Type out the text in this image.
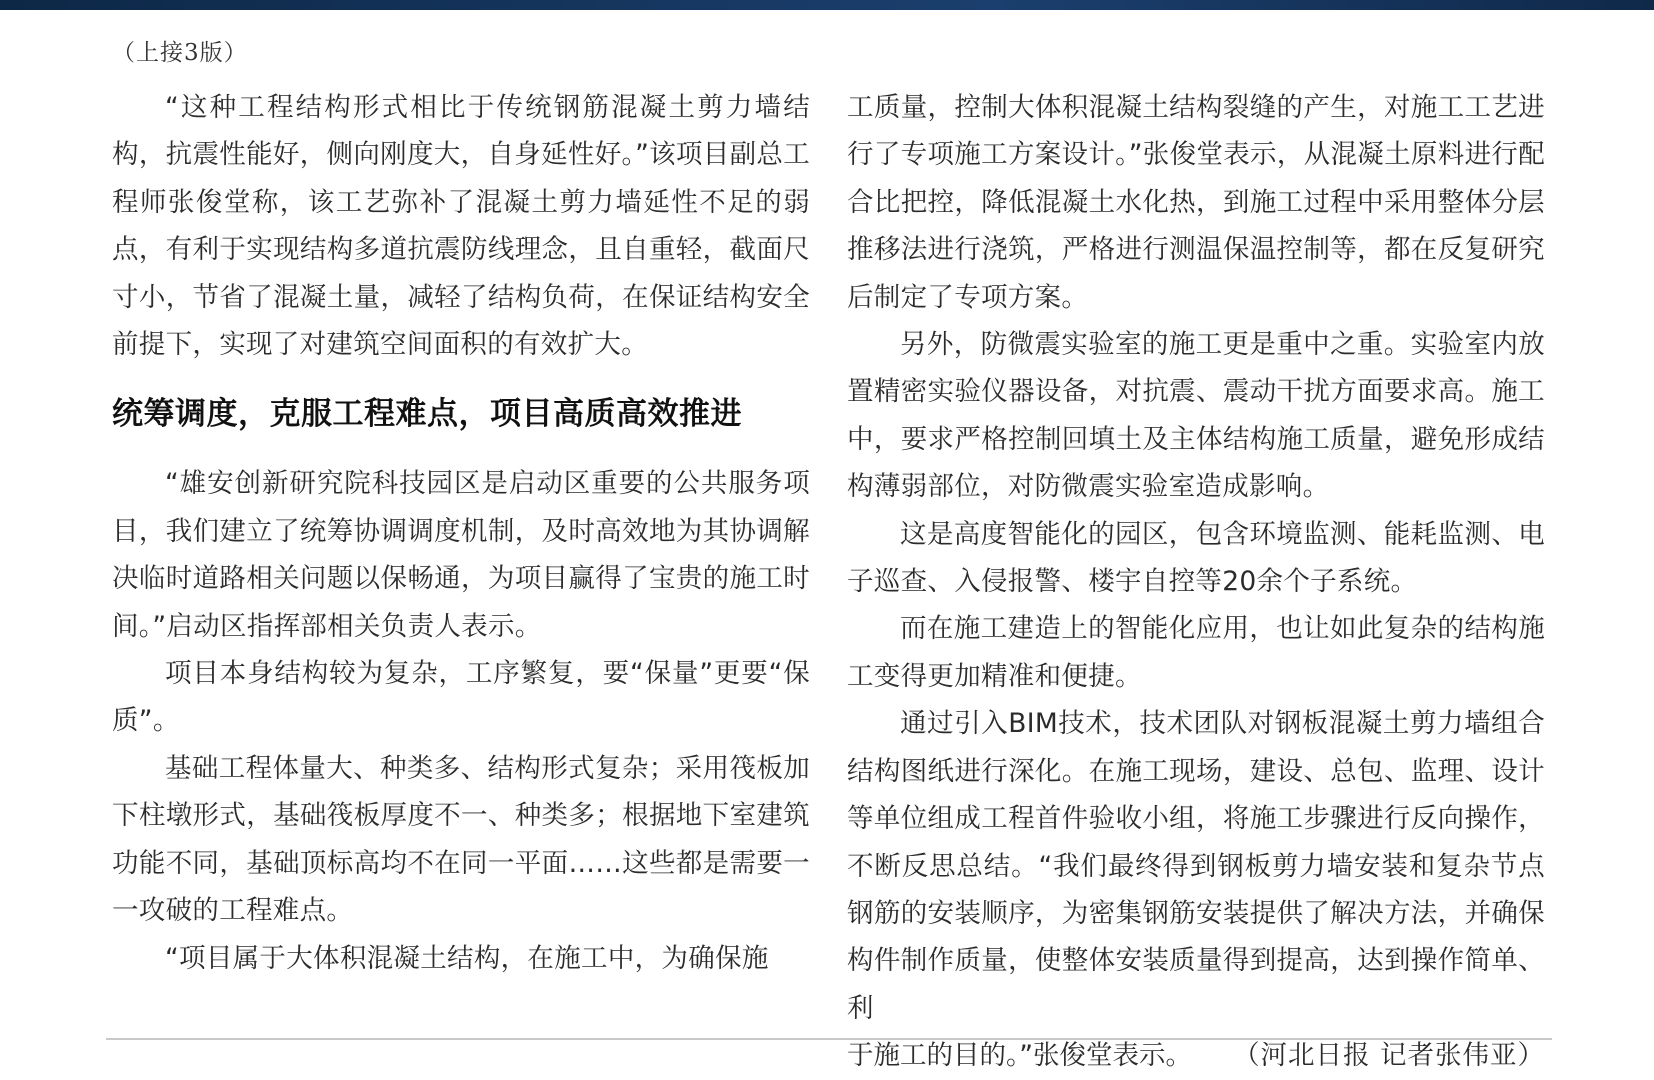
（上接3版）

“这种工程结构形式相比于传统钢筋混凝土剪力墙结构，抗震性能好，侧向刚度大，自身延性好。”该项目副总工程师张俊堂称，该工艺弥补了混凝土剪力墙延性不足的弱点，有利于实现结构多道抗震防线理念，且自重轻，截面尺寸小，节省了混凝土量，减轻了结构负荷，在保证结构安全前提下，实现了对建筑空间面积的有效扩大。

统筹调度，克服工程难点，项目高质高效推进

“雄安创新研究院科技园区是启动区重要的公共服务项目，我们建立了统筹协调调度机制，及时高效地为其协调解决临时道路相关问题以保畅通，为项目赢得了宝贵的施工时间。”启动区指挥部相关负责人表示。

项目本身结构较为复杂，工序繁复，要“保量”更要“保质”。

基础工程体量大、种类多、结构形式复杂；采用筏板加下柱墩形式，基础筏板厚度不一、种类多；根据地下室建筑功能不同，基础顶标高均不在同一平面……这些都是需要一一攻破的工程难点。

“项目属于大体积混凝土结构，在施工中，为确保施

工质量，控制大体积混凝土结构裂缝的产生，对施工工艺进行了专项施工方案设计。”张俊堂表示，从混凝土原料进行配合比把控，降低混凝土水化热，到施工过程中采用整体分层推移法进行浇筑，严格进行测温保温控制等，都在反复研究后制定了专项方案。

另外，防微震实验室的施工更是重中之重。实验室内放置精密实验仪器设备，对抗震、震动干扰方面要求高。施工中，要求严格控制回填土及主体结构施工质量，避免形成结构薄弱部位，对防微震实验室造成影响。

这是高度智能化的园区，包含环境监测、能耗监测、电子巡查、入侵报警、楼宇自控等20余个子系统。

而在施工建造上的智能化应用，也让如此复杂的结构施工变得更加精准和便捷。

通过引入BIM技术，技术团队对钢板混凝土剪力墙组合结构图纸进行深化。在施工现场，建设、总包、监理、设计等单位组成工程首件验收小组，将施工步骤进行反向操作，不断反思总结。“我们最终得到钢板剪力墙安装和复杂节点钢筋的安装顺序，为密集钢筋安装提供了解决方法，并确保构件制作质量，使整体安装质量得到提高，达到操作简单、利

于施工的目的。”张俊堂表示。 （河北日报 记者张伟亚）
